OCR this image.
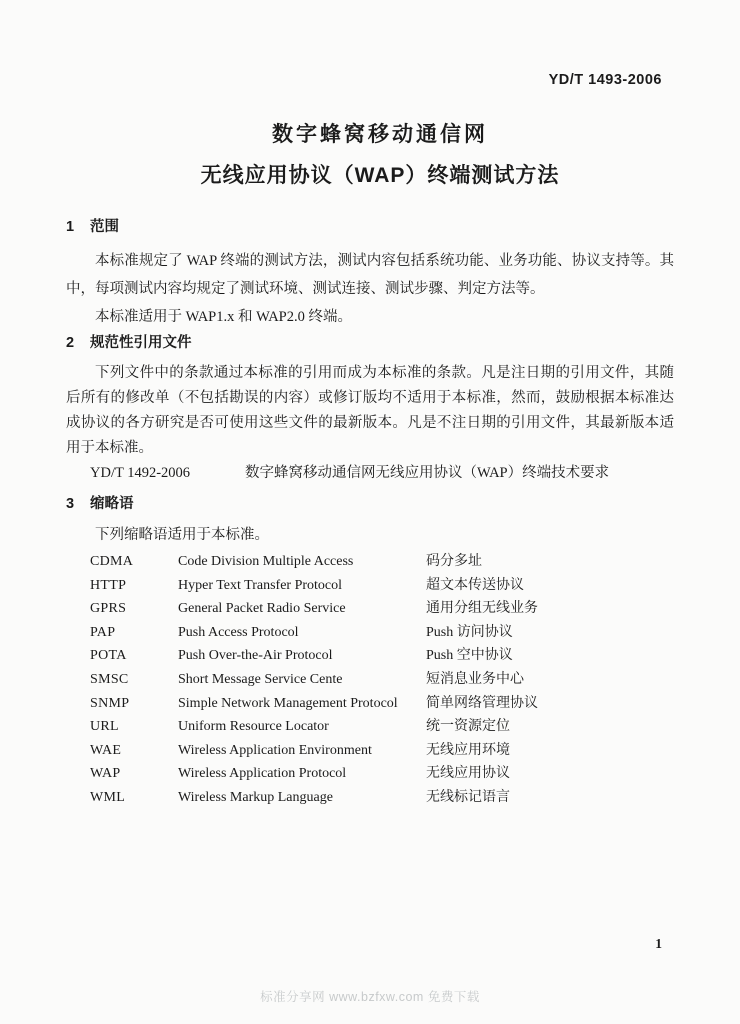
YD/T 1493-2006
数字蜂窝移动通信网
无线应用协议（WAP）终端测试方法
1	范围

本标准规定了 WAP 终端的测试方法，测试内容包括系统功能、业务功能、协议支持等。其中，每项测试内容均规定了测试环境、测试连接、测试步骤、判定方法等。

本标准适用于 WAP1.x 和 WAP2.0 终端。

2	规范性引用文件

下列文件中的条款通过本标准的引用而成为本标准的条款。凡是注日期的引用文件，其随后所有的修改单（不包括勘误的内容）或修订版均不适用于本标准，然而，鼓励根据本标准达成协议的各方研究是否可使用这些文件的最新版本。凡是不注日期的引用文件，其最新版本适用于本标准。

YD/T 1492-2006	数字蜂窝移动通信网无线应用协议（WAP）终端技术要求
3	缩略语

下列缩略语适用于本标准。

CDMA	Code Division Multiple Access	码分多址
HTTP	Hyper Text Transfer Protocol	超文本传送协议
GPRS	General Packet Radio Service	通用分组无线业务
PAP	Push Access Protocol	Push 访问协议
POTA	Push Over-the-Air Protocol	Push 空中协议
SMSC	Short Message Service Cente	短消息业务中心
SNMP	Simple Network Management Protocol	简单网络管理协议
URL	Uniform Resource Locator	统一资源定位
WAE	Wireless Application Environment	无线应用环境
WAP	Wireless Application Protocol	无线应用协议
WML	Wireless Markup Language	无线标记语言
1
标准分享网 www.bzfxw.com 免费下载
